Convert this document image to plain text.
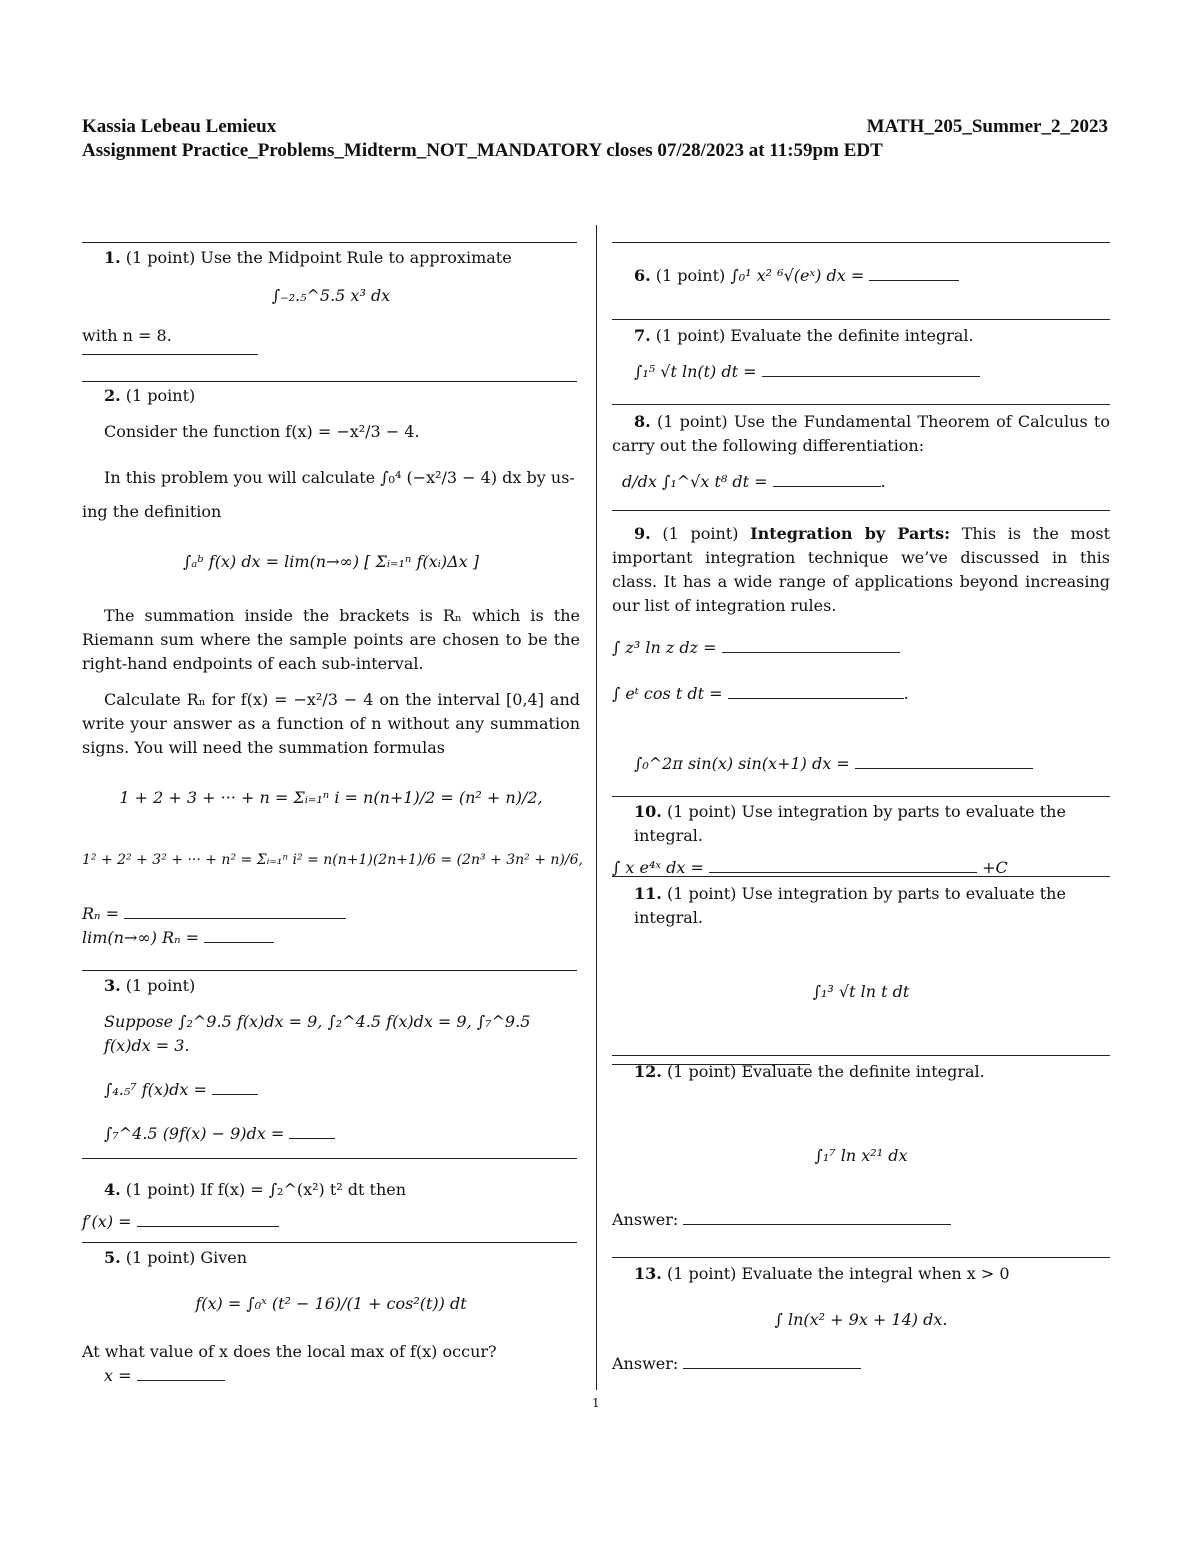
Kassia Lebeau Lemieux	MATH_205_Summer_2_2023
Assignment Practice_Problems_Midterm_NOT_MANDATORY closes 07/28/2023 at 11:59pm EDT

1. (1 point) Use the Midpoint Rule to approximate

∫₋₂.₅^5.5 x³ dx

with n = 8.

2. (1 point)

Consider the function f(x) = −x²/3 − 4.

In this problem you will calculate ∫₀⁴ (−x²/3 − 4) dx by us-

ing the definition

∫ₐᵇ f(x) dx = lim(n→∞) [ Σᵢ₌₁ⁿ f(xᵢ)Δx ]

The summation inside the brackets is Rₙ which is the Riemann sum where the sample points are chosen to be the right-hand endpoints of each sub-interval.

Calculate Rₙ for f(x) = −x²/3 − 4 on the interval [0,4] and write your answer as a function of n without any summation signs. You will need the summation formulas

1 + 2 + 3 + ··· + n = Σᵢ₌₁ⁿ i = n(n+1)/2 = (n² + n)/2,

1² + 2² + 3² + ··· + n² = Σᵢ₌₁ⁿ i² = n(n+1)(2n+1)/6 = (2n³ + 3n² + n)/6,

Rₙ =

lim(n→∞) Rₙ =

3. (1 point)

Suppose ∫₂^9.5 f(x)dx = 9, ∫₂^4.5 f(x)dx = 9, ∫₇^9.5 f(x)dx = 3.

∫₄.₅⁷ f(x)dx =

∫₇^4.5 (9f(x) − 9)dx =

4. (1 point) If f(x) = ∫₂^(x²) t² dt then

f′(x) =

5. (1 point) Given

f(x) = ∫₀ˣ (t² − 16)/(1 + cos²(t)) dt

At what value of x does the local max of f(x) occur?

x =

6. (1 point) ∫₀¹ x² ⁶√(eˣ) dx =

7. (1 point) Evaluate the definite integral.

∫₁⁵ √t ln(t) dt =

8. (1 point) Use the Fundamental Theorem of Calculus to carry out the following differentiation:

d/dx ∫₁^√x t⁸ dt =	.

9. (1 point) Integration by Parts: This is the most important integration technique we’ve discussed in this class. It has a wide range of applications beyond increasing our list of integration rules.

∫ z³ ln z dz =

∫ eᵗ cos t dt =	.

∫₀^2π sin(x) sin(x+1) dx =

10. (1 point) Use integration by parts to evaluate the integral.

∫ x e⁴ˣ dx =	+C

11. (1 point) Use integration by parts to evaluate the integral.

∫₁³ √t ln t dt

12. (1 point) Evaluate the definite integral.

∫₁⁷ ln x²¹ dx

Answer:

13. (1 point) Evaluate the integral when x > 0

∫ ln(x² + 9x + 14) dx.

Answer:

1
